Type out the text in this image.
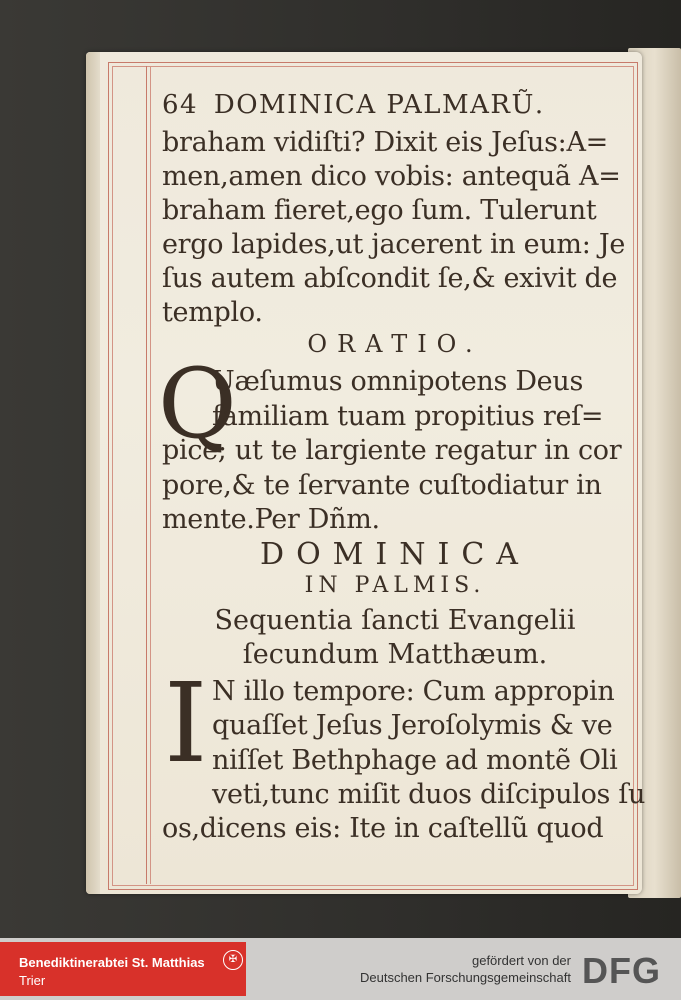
64 DOMINICA PALMARŨ.
braham vidiſti? Dixit eis Jeſus:A=
men,amen dico vobis: antequã A=
braham fieret,ego ſum. Tulerunt
ergo lapides,ut jacerent in eum: Je
ſus autem abſcondit ſe,& exivit de
templo.
ORATIO.
Q
Uæſumus omnipotens Deus
familiam tuam propitius reſ=
pice; ut te largiente regatur in cor
pore,& te ſervante cuſtodiatur in
mente.Per Dñm.
DOMINICA
IN PALMIS.
Sequentia ſancti Evangelii
ſecundum Matthæum.
I N illo tempore: Cum appropin
quaſſet Jeſus Jeroſolymis & ve
niſſet Bethphage ad montẽ Oli
veti,tunc miſit duos diſcipulos ſu
os,dicens eis: Ite in caſtellũ quod
Benediktinerabtei St. Matthias
Trier
✠	gefördert von der
Deutschen Forschungsgemeinschaft DFG
